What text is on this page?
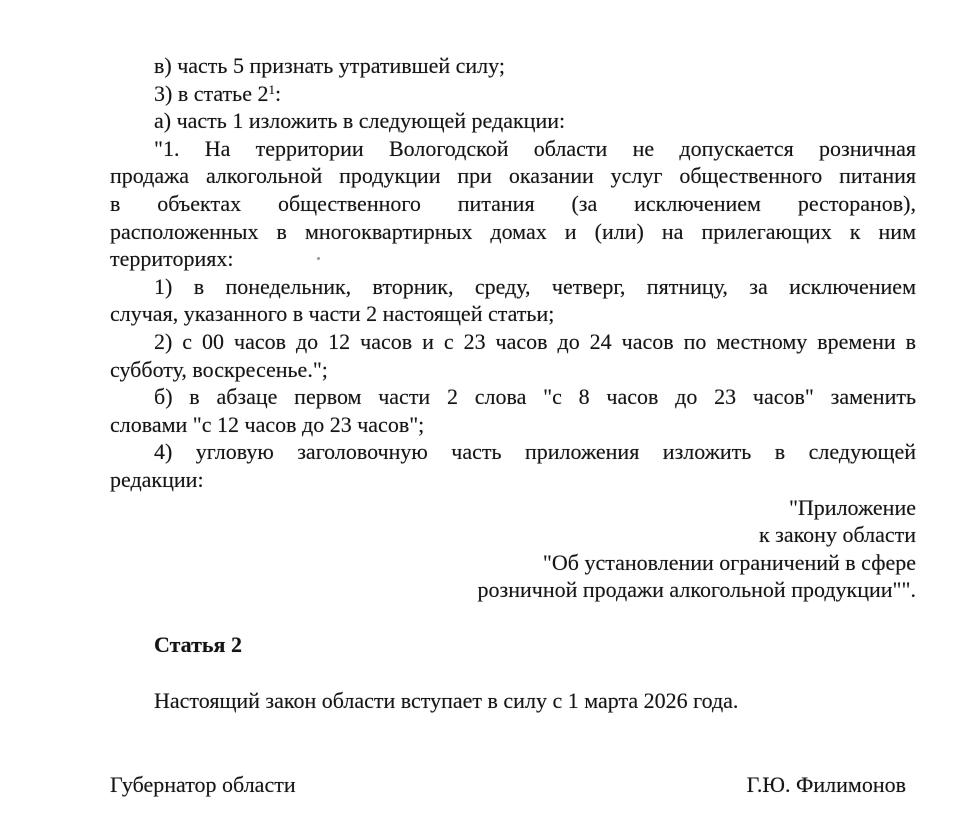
в) часть 5 признать утратившей силу;
3) в статье $2^1$:
а) часть 1 изложить в следующей редакции:
"1. На территории Вологодской области не допускается розничная
продажа алкогольной продукции при оказании услуг общественного питания
в объектах общественного питания (за исключением ресторанов),
расположенных в многоквартирных домах и (или) на прилегающих к ним
территориях:
1) в понедельник, вторник, среду, четверг, пятницу, за исключением
случая, указанного в части 2 настоящей статьи;
2) с 00 часов до 12 часов и с 23 часов до 24 часов по местному времени в
субботу, воскресенье.";
б) в абзаце первом части 2 слова "с 8 часов до 23 часов" заменить
словами "с 12 часов до 23 часов";
4) угловую заголовочную часть приложения изложить в следующей
редакции:
"Приложение
к закону области
"Об установлении ограничений в сфере
розничной продажи алкогольной продукции"".
Статья 2
Настоящий закон области вступает в силу с 1 марта 2026 года.
Губернатор области	Г.Ю. Филимонов
